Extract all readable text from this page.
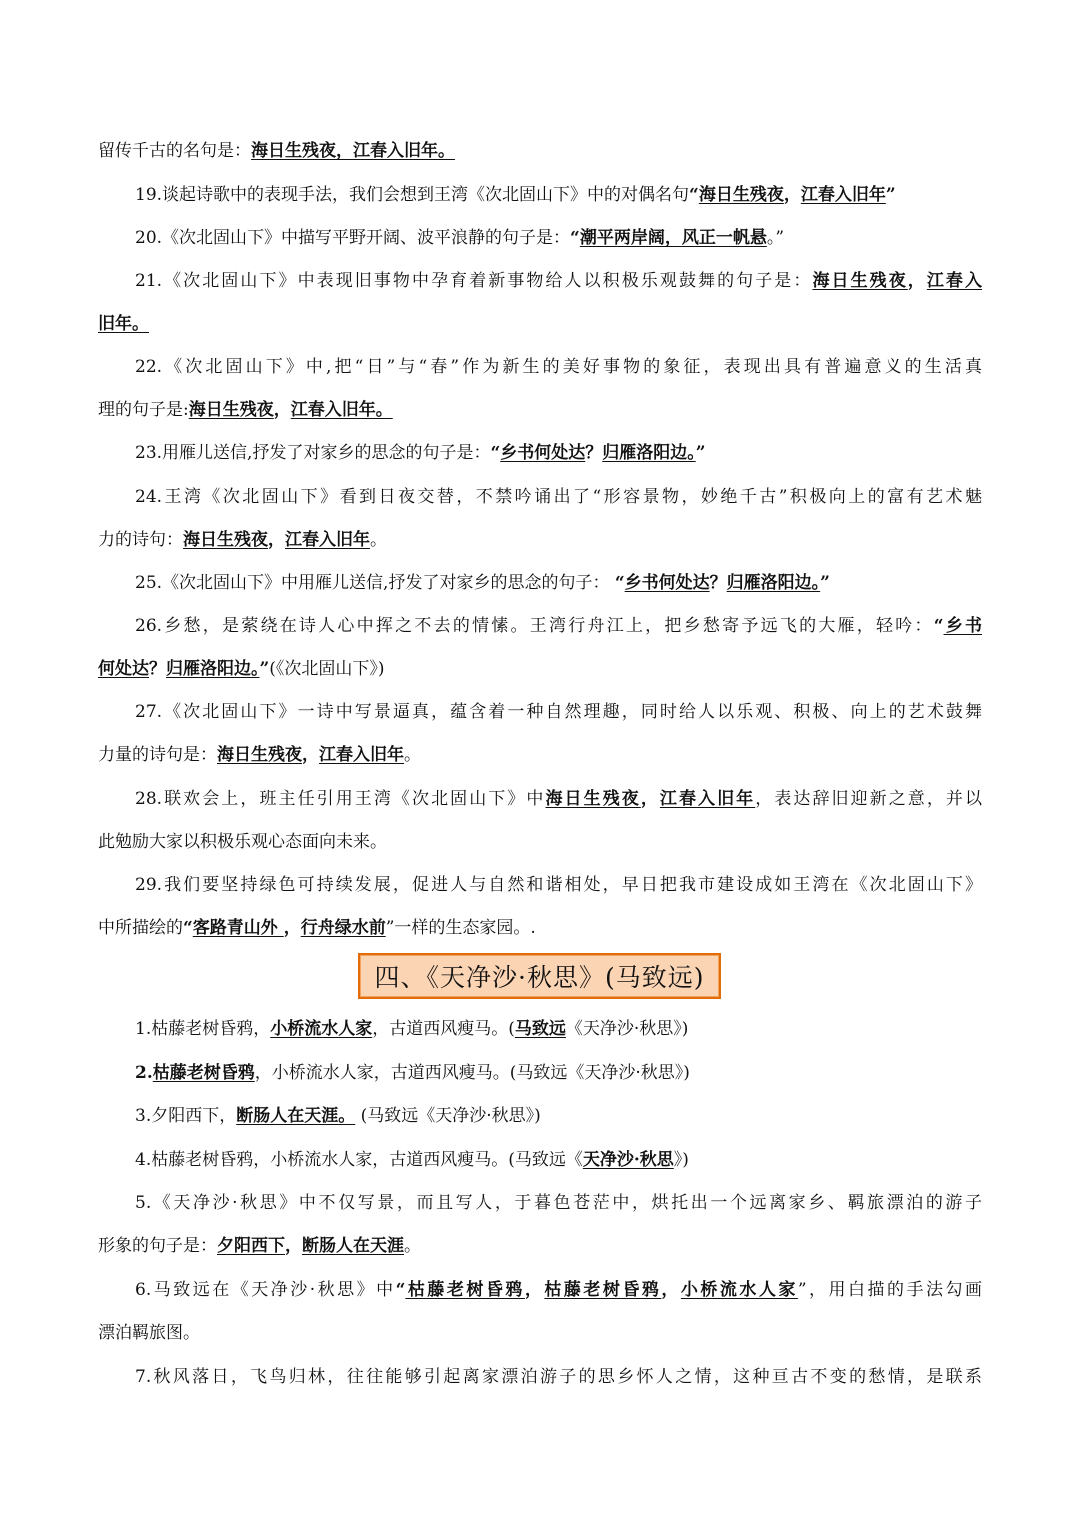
留传千古的名句是：海日生残夜，江春入旧年。
19.谈起诗歌中的表现手法，我们会想到王湾《次北固山下》中的对偶名句“海日生残夜，江春入旧年”
20.《次北固山下》中描写平野开阔、波平浪静的句子是：“潮平两岸阔，风正一帆悬。”
21.《次北固山下》中表现旧事物中孕育着新事物给人以积极乐观鼓舞的句子是：海日生残夜，江春入
旧年。
22.《次北固山下》中,把“日”与“春”作为新生的美好事物的象征，表现出具有普遍意义的生活真
理的句子是:海日生残夜，江春入旧年。
23.用雁儿送信,抒发了对家乡的思念的句子是：“乡书何处达？归雁洛阳边。”
24.王湾《次北固山下》看到日夜交替，不禁吟诵出了“形容景物，妙绝千古”积极向上的富有艺术魅
力的诗句：海日生残夜，江春入旧年。
25.《次北固山下》中用雁儿送信,抒发了对家乡的思念的句子： “乡书何处达？归雁洛阳边。”
26.乡愁，是萦绕在诗人心中挥之不去的情愫。王湾行舟江上，把乡愁寄予远飞的大雁，轻吟：“乡书
何处达？归雁洛阳边。”(《次北固山下》)
27.《次北固山下》一诗中写景逼真，蕴含着一种自然理趣，同时给人以乐观、积极、向上的艺术鼓舞
力量的诗句是：海日生残夜，江春入旧年。
28.联欢会上，班主任引用王湾《次北固山下》中海日生残夜，江春入旧年，表达辞旧迎新之意，并以
此勉励大家以积极乐观心态面向未来。
29.我们要坚持绿色可持续发展，促进人与自然和谐相处，早日把我市建设成如王湾在《次北固山下》
中所描绘的“客路青山外 ，行舟绿水前”一样的生态家园。.
四、《天净沙·秋思》(马致远)
1.枯藤老树昏鸦，小桥流水人家，古道西风瘦马。(马致远《天净沙·秋思》)
2.枯藤老树昏鸦，小桥流水人家，古道西风瘦马。(马致远《天净沙·秋思》)
3.夕阳西下，断肠人在天涯。 (马致远《天净沙·秋思》)
4.枯藤老树昏鸦，小桥流水人家，古道西风瘦马。(马致远《天净沙·秋思》)
5.《天净沙·秋思》中不仅写景，而且写人，于暮色苍茫中，烘托出一个远离家乡、羁旅漂泊的游子
形象的句子是：夕阳西下，断肠人在天涯。
6.马致远在《天净沙·秋思》中“枯藤老树昏鸦，枯藤老树昏鸦，小桥流水人家”，用白描的手法勾画
漂泊羁旅图。
7.秋风落日，飞鸟归林，往往能够引起离家漂泊游子的思乡怀人之情，这种亘古不变的愁情，是联系
